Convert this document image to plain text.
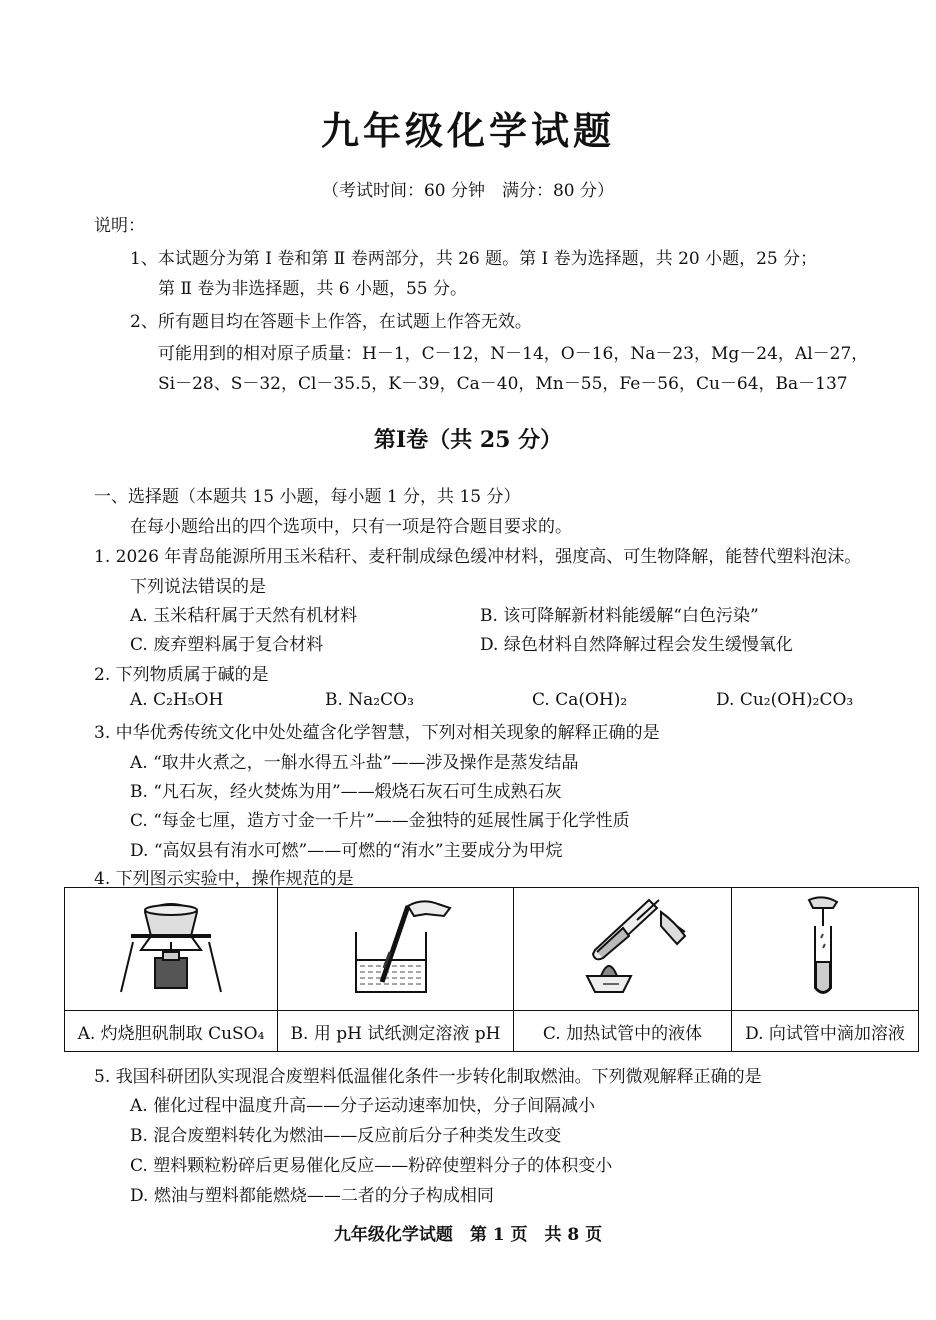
九年级化学试题
（考试时间：60 分钟　满分：80 分）
说明：
1、本试题分为第 Ⅰ 卷和第 Ⅱ 卷两部分，共 26 题。第 Ⅰ 卷为选择题，共 20 小题，25 分；
第 Ⅱ 卷为非选择题，共 6 小题，55 分。
2、所有题目均在答题卡上作答，在试题上作答无效。
可能用到的相对原子质量：H－1，C－12，N－14，O－16，Na－23，Mg－24，Al－27，
Si－28、S－32，Cl－35.5，K－39，Ca－40，Mn－55，Fe－56，Cu－64，Ba－137
第Ⅰ卷（共 25 分）
一、选择题（本题共 15 小题，每小题 1 分，共 15 分）
在每小题给出的四个选项中，只有一项是符合题目要求的。
1. 2026 年青岛能源所用玉米秸秆、麦秆制成绿色缓冲材料，强度高、可生物降解，能替代塑料泡沫。
下列说法错误的是
A. 玉米秸秆属于天然有机材料	B. 该可降解新材料能缓解“白色污染”
C. 废弃塑料属于复合材料	D. 绿色材料自然降解过程会发生缓慢氧化
2. 下列物质属于碱的是
A. C₂H₅OH	B. Na₂CO₃	C. Ca(OH)₂	D. Cu₂(OH)₂CO₃
3. 中华优秀传统文化中处处蕴含化学智慧，下列对相关现象的解释正确的是
A. “取井火煮之，一斛水得五斗盐”——涉及操作是蒸发结晶
B. “凡石灰，经火焚炼为用”——煅烧石灰石可生成熟石灰
C. “每金七厘，造方寸金一千片”——金独特的延展性属于化学性质
D. “高奴县有洧水可燃”——可燃的“洧水”主要成分为甲烷
4. 下列图示实验中，操作规范的是

A. 灼烧胆矾制取 CuSO₄	B. 用 pH 试纸测定溶液 pH	C. 加热试管中的液体	D. 向试管中滴加溶液
5. 我国科研团队实现混合废塑料低温催化条件一步转化制取燃油。下列微观解释正确的是
A. 催化过程中温度升高——分子运动速率加快，分子间隔减小
B. 混合废塑料转化为燃油——反应前后分子种类发生改变
C. 塑料颗粒粉碎后更易催化反应——粉碎使塑料分子的体积变小
D. 燃油与塑料都能燃烧——二者的分子构成相同
九年级化学试题　第 1 页　共 8 页
